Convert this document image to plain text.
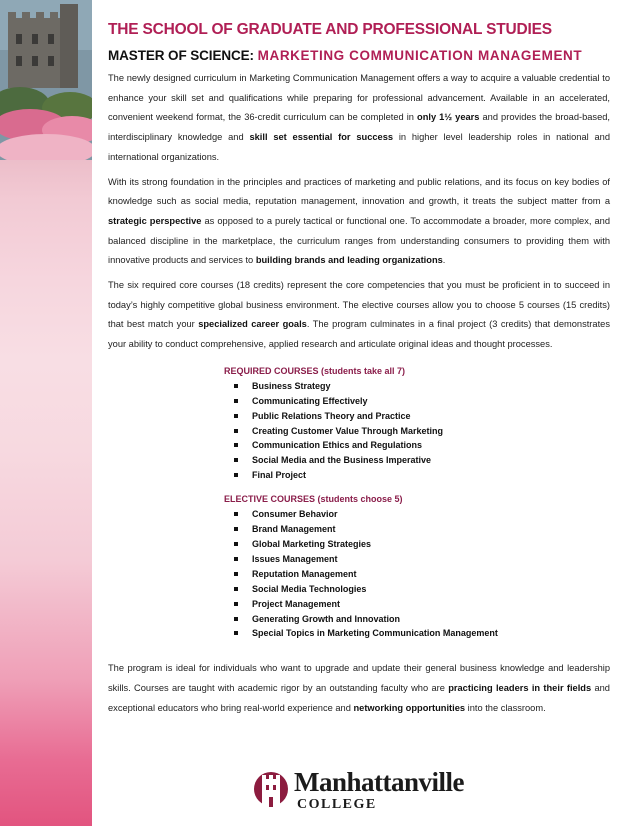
THE SCHOOL OF GRADUATE AND PROFESSIONAL STUDIES
MASTER OF SCIENCE: MARKETING COMMUNICATION MANAGEMENT

The newly designed curriculum in Marketing Communication Management offers a way to acquire a valuable credential to enhance your skill set and qualifications while preparing for professional advancement. Available in an accelerated, convenient weekend format, the 36-credit curriculum can be completed in only 1½ years and provides the broad-based, interdisciplinary knowledge and skill set essential for success in higher level leadership roles in national and international organizations.

With its strong foundation in the principles and practices of marketing and public relations, and its focus on key bodies of knowledge such as social media, reputation management, innovation and growth, it treats the subject matter from a strategic perspective as opposed to a purely tactical or functional one. To accommodate a broader, more complex, and balanced discipline in the marketplace, the curriculum ranges from understanding consumers to providing them with innovative products and services to building brands and leading organizations.

The six required core courses (18 credits) represent the core competencies that you must be proficient in to succeed in today’s highly competitive global business environment. The elective courses allow you to choose 5 courses (15 credits) that best match your specialized career goals. The program culminates in a final project (3 credits) that demonstrates your ability to conduct comprehensive, applied research and articulate original ideas and thought processes.

REQUIRED COURSES (students take all 7)
Business Strategy
Communicating Effectively
Public Relations Theory and Practice
Creating Customer Value Through Marketing
Communication Ethics and Regulations
Social Media and the Business Imperative
Final Project
ELECTIVE COURSES (students choose 5)
Consumer Behavior
Brand Management
Global Marketing Strategies
Issues Management
Reputation Management
Social Media Technologies
Project Management
Generating Growth and Innovation
Special Topics in Marketing Communication Management

The program is ideal for individuals who want to upgrade and update their general business knowledge and leadership skills. Courses are taught with academic rigor by an outstanding faculty who are practicing leaders in their fields and exceptional educators who bring real-world experience and networking opportunities into the classroom.

Manhattanville
COLLEGE
